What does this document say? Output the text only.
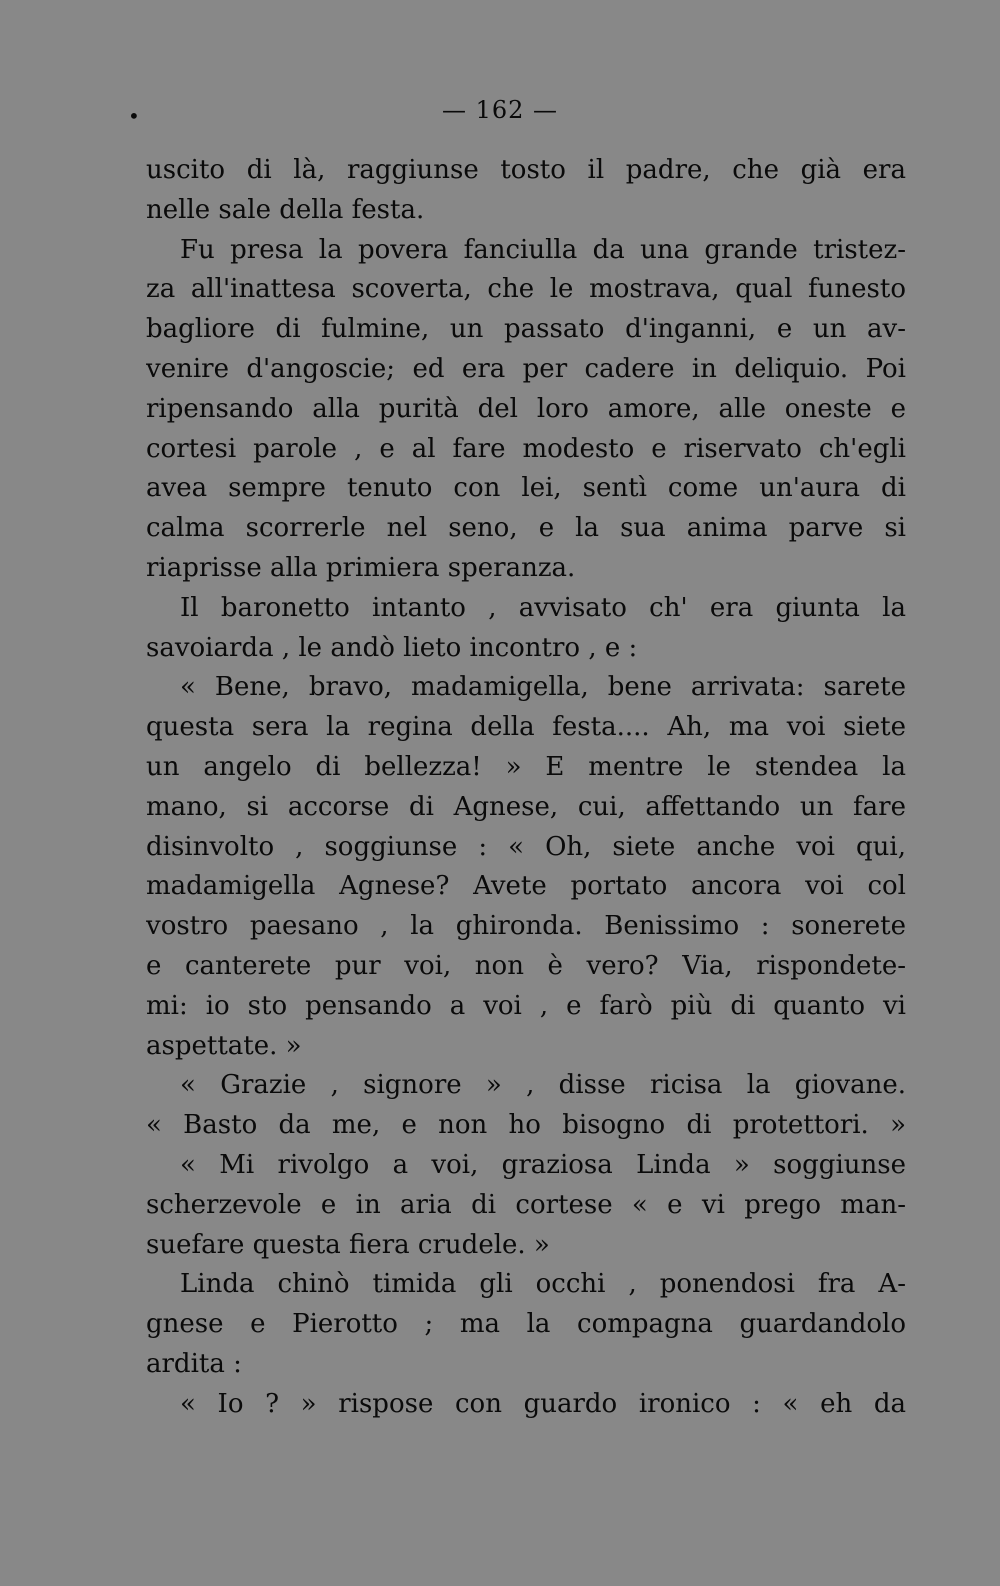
•	— 162 —
uscito di là, raggiunse tosto il padre, che già era
nelle sale della festa.
Fu presa la povera fanciulla da una grande tristez-
za all'inattesa scoverta, che le mostrava, qual funesto
bagliore di fulmine, un passato d'inganni, e un av-
venire d'angoscie; ed era per cadere in deliquio. Poi
ripensando alla purità del loro amore, alle oneste e
cortesi parole , e al fare modesto e riservato ch'egli
avea sempre tenuto con lei, sentì come un'aura di
calma scorrerle nel seno, e la sua anima parve si
riaprisse alla primiera speranza.
Il baronetto intanto , avvisato ch' era giunta la
savoiarda , le andò lieto incontro , e :
« Bene, bravo, madamigella, bene arrivata: sarete
questa sera la regina della festa.... Ah, ma voi siete
un angelo di bellezza! » E mentre le stendea la
mano, si accorse di Agnese, cui, affettando un fare
disinvolto , soggiunse : « Oh, siete anche voi qui,
madamigella Agnese? Avete portato ancora voi col
vostro paesano , la ghironda. Benissimo : sonerete
e canterete pur voi, non è vero? Via, rispondete-
mi: io sto pensando a voi , e farò più di quanto vi
aspettate. »
« Grazie , signore » , disse ricisa la giovane.
« Basto da me, e non ho bisogno di protettori. »
« Mi rivolgo a voi, graziosa Linda » soggiunse
scherzevole e in aria di cortese « e vi prego man-
suefare questa fiera crudele. »
Linda chinò timida gli occhi , ponendosi fra A-
gnese e Pierotto ; ma la compagna guardandolo
ardita :
« Io ? » rispose con guardo ironico : « eh da
